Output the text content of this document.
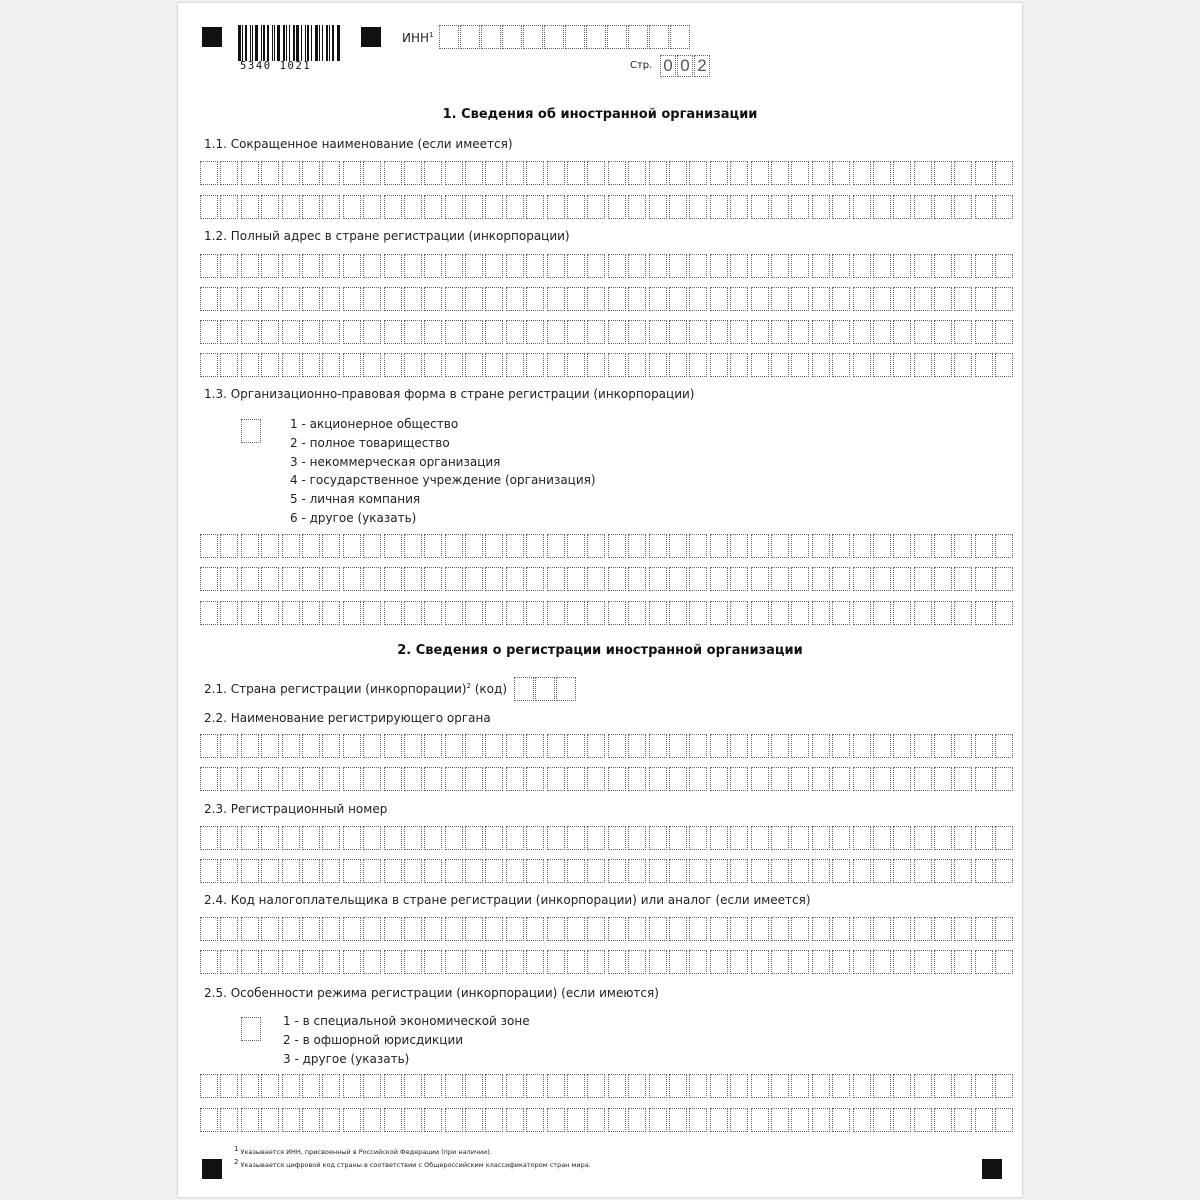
5340 1021
ИНН$^1$
Стр. 0 0 2
1. Сведения об иностранной организации
1.1. Сокращенное наименование (если имеется)
1.2. Полный адрес в стране регистрации (инкорпорации)
1.3. Организационно-правовая форма в стране регистрации (инкорпорации)
1 - акционерное общество
2 - полное товарищество
3 - некоммерческая организация
4 - государственное учреждение (организация)
5 - личная компания
6 - другое (указать)
2. Сведения о регистрации иностранной организации
2.1. Страна регистрации (инкорпорации)$^2$ (код)
2.2. Наименование регистрирующего органа
2.3. Регистрационный номер
2.4. Код налогоплательщика в стране регистрации (инкорпорации) или аналог (если имеется)
2.5. Особенности режима регистрации (инкорпорации) (если имеются)
1 - в специальной экономической зоне
2 - в офшорной юрисдикции
3 - другое (указать)
$^1$ Указывается ИНН, присвоенный в Российской Федерации (при наличии).
$^2$ Указывается цифровой код страны в соответствии с Общероссийским классификатором стран мира.
